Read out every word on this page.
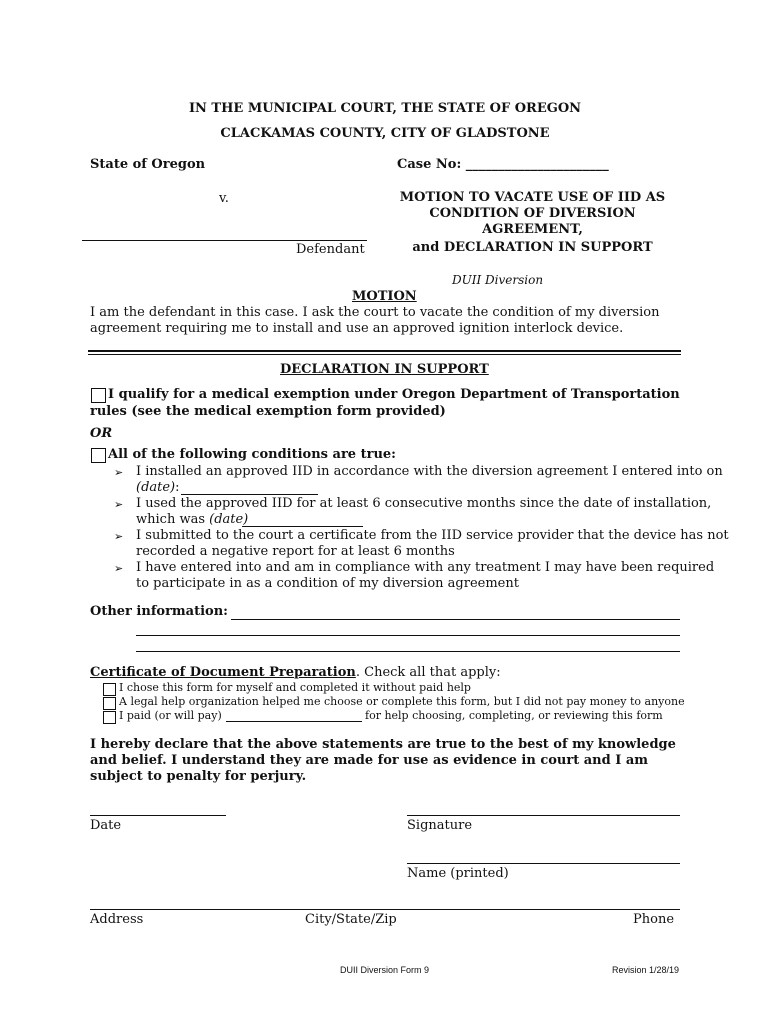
IN THE MUNICIPAL COURT, THE STATE OF OREGON
CLACKAMAS COUNTY, CITY OF GLADSTONE
State of Oregon	Case No: ______________________
v.
Defendant
MOTION TO VACATE USE OF IID AS
CONDITION OF DIVERSION
AGREEMENT,
and DECLARATION IN SUPPORT
DUII Diversion
MOTION
I am the defendant in this case. I ask the court to vacate the condition of my diversion
agreement requiring me to install and use an approved ignition interlock device.
DECLARATION IN SUPPORT
I qualify for a medical exemption under Oregon Department of Transportation
rules (see the medical exemption form provided)
OR
All of the following conditions are true:
➢ I installed an approved IID in accordance with the diversion agreement I entered into on
(date):
➢ I used the approved IID for at least 6 consecutive months since the date of installation,
which was (date)
➢ I submitted to the court a certificate from the IID service provider that the device has not
recorded a negative report for at least 6 months
➢ I have entered into and am in compliance with any treatment I may have been required
to participate in as a condition of my diversion agreement
Other information:
Certificate of Document Preparation. Check all that apply:
I chose this form for myself and completed it without paid help
A legal help organization helped me choose or complete this form, but I did not pay money to anyone
I paid (or will pay)	for help choosing, completing, or reviewing this form
I hereby declare that the above statements are true to the best of my knowledge
and belief. I understand they are made for use as evidence in court and I am
subject to penalty for perjury.
Date	Signature
Name (printed)
Address	City/State/Zip	Phone
DUII Diversion Form 9	Revision 1/28/19
